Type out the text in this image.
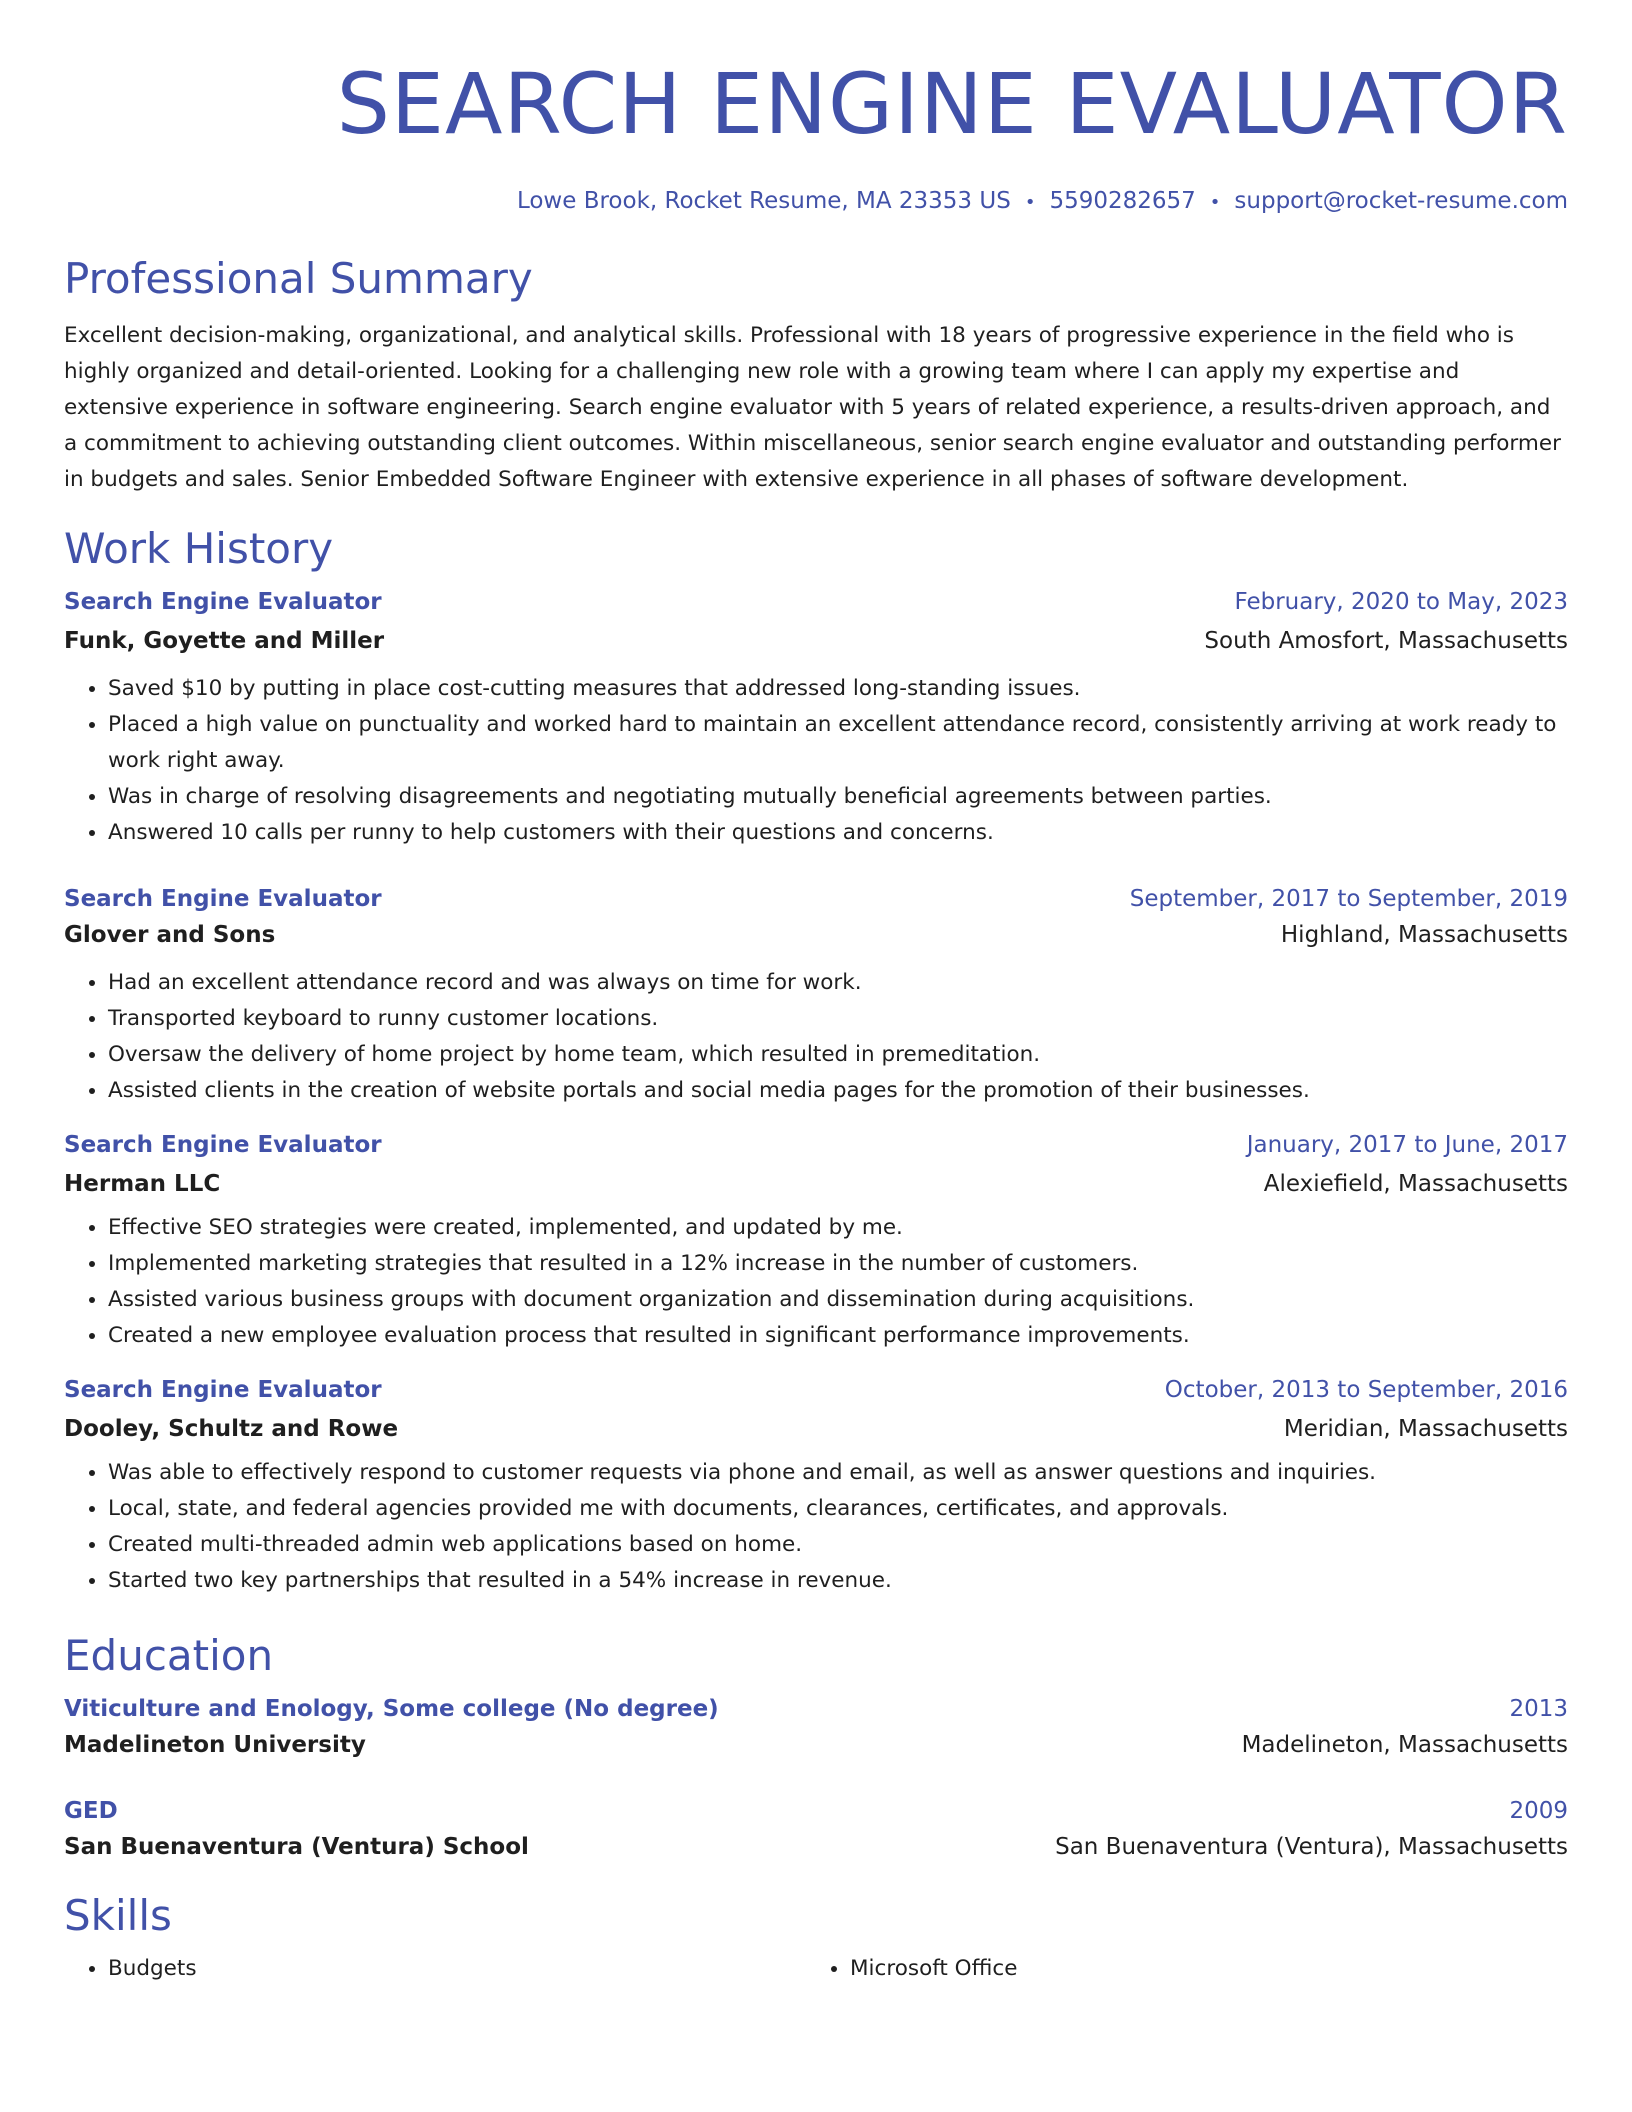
SEARCH ENGINE EVALUATOR
Lowe Brook, Rocket Resume, MA 23353 US • 5590282657 • support@rocket-resume.com
Professional Summary
Excellent decision-making, organizational, and analytical skills. Professional with 18 years of progressive experience in the field who is highly organized and detail-oriented. Looking for a challenging new role with a growing team where I can apply my expertise and extensive experience in software engineering. Search engine evaluator with 5 years of related experience, a results-driven approach, and a commitment to achieving outstanding client outcomes. Within miscellaneous, senior search engine evaluator and outstanding performer in budgets and sales. Senior Embedded Software Engineer with extensive experience in all phases of software development.
Work History
Search Engine Evaluator	February, 2020 to May, 2023
Funk, Goyette and Miller	South Amosfort, Massachusetts
• Saved $10 by putting in place cost-cutting measures that addressed long-standing issues.
• Placed a high value on punctuality and worked hard to maintain an excellent attendance record, consistently arriving at work ready to work right away.
• Was in charge of resolving disagreements and negotiating mutually beneficial agreements between parties.
• Answered 10 calls per runny to help customers with their questions and concerns.
Search Engine Evaluator	September, 2017 to September, 2019
Glover and Sons	Highland, Massachusetts
• Had an excellent attendance record and was always on time for work.
• Transported keyboard to runny customer locations.
• Oversaw the delivery of home project by home team, which resulted in premeditation.
• Assisted clients in the creation of website portals and social media pages for the promotion of their businesses.
Search Engine Evaluator	January, 2017 to June, 2017
Herman LLC	Alexiefield, Massachusetts
• Effective SEO strategies were created, implemented, and updated by me.
• Implemented marketing strategies that resulted in a 12% increase in the number of customers.
• Assisted various business groups with document organization and dissemination during acquisitions.
• Created a new employee evaluation process that resulted in significant performance improvements.
Search Engine Evaluator	October, 2013 to September, 2016
Dooley, Schultz and Rowe	Meridian, Massachusetts
• Was able to effectively respond to customer requests via phone and email, as well as answer questions and inquiries.
• Local, state, and federal agencies provided me with documents, clearances, certificates, and approvals.
• Created multi-threaded admin web applications based on home.
• Started two key partnerships that resulted in a 54% increase in revenue.
Education
Viticulture and Enology, Some college (No degree)	2013
Madelineton University	Madelineton, Massachusetts
GED	2009
San Buenaventura (Ventura) School	San Buenaventura (Ventura), Massachusetts
Skills
• Budgets
•	Microsoft Office
